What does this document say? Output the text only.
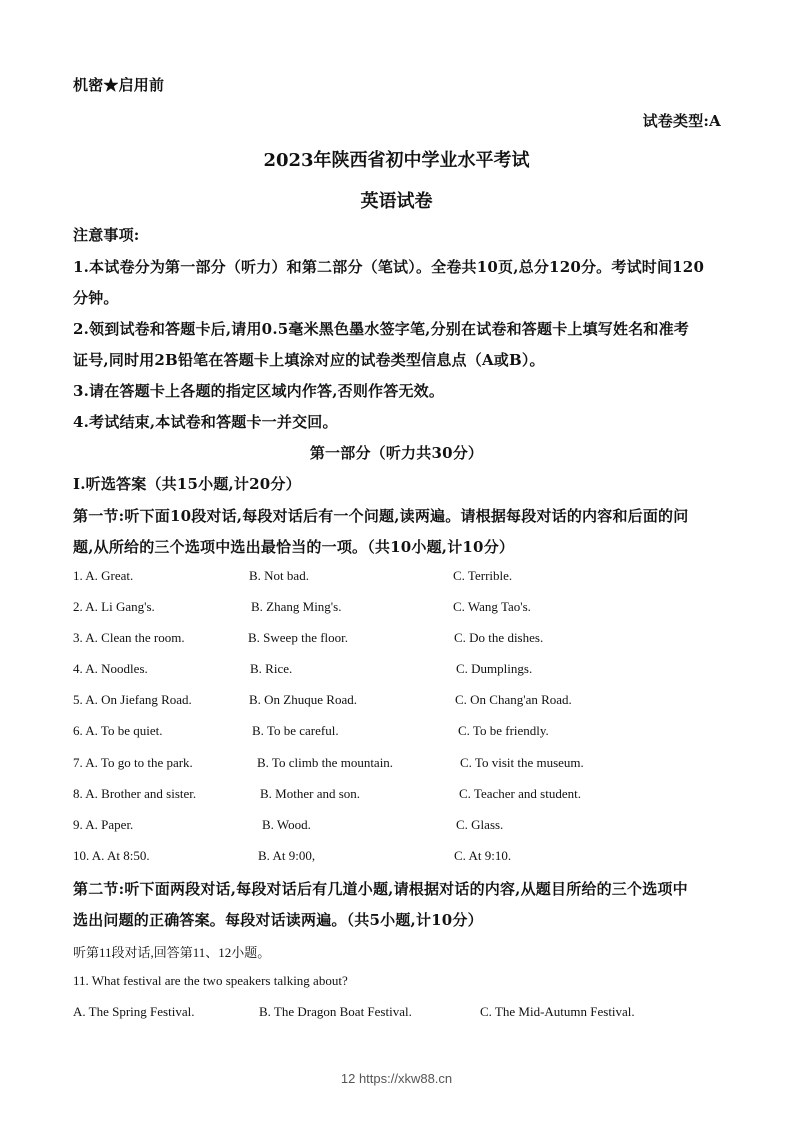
机密★启用前
试卷类型:A
2023年陕西省初中学业水平考试
英语试卷
注意事项:
1.本试卷分为第一部分（听力）和第二部分（笔试）。全卷共10页,总分120分。考试时间120
分钟。
2.领到试卷和答题卡后,请用0.5毫米黑色墨水签字笔,分别在试卷和答题卡上填写姓名和准考
证号,同时用2B铅笔在答题卡上填涂对应的试卷类型信息点（A或B）。
3.请在答题卡上各题的指定区域内作答,否则作答无效。
4.考试结束,本试卷和答题卡一并交回。
第一部分（听力共30分）
I.听选答案（共15小题,计20分）
第一节:听下面10段对话,每段对话后有一个问题,读两遍。请根据每段对话的内容和后面的问
题,从所给的三个选项中选出最恰当的一项。（共10小题,计10分）
1. A. Great.	B. Not bad.	C. Terrible.
2. A. Li Gang's.	B. Zhang Ming's.	C. Wang Tao's.
3. A. Clean the room.	B. Sweep the floor.	C. Do the dishes.
4. A. Noodles.	B. Rice.	C. Dumplings.
5. A. On Jiefang Road.	B. On Zhuque Road.	C. On Chang'an Road.
6. A. To be quiet.	B. To be careful.	C. To be friendly.
7. A. To go to the park.	B. To climb the mountain.	C. To visit the museum.
8. A. Brother and sister.	B. Mother and son.	C. Teacher and student.
9. A. Paper.	B. Wood.	C. Glass.
10. A. At 8:50.	B. At 9:00,	C. At 9:10.
第二节:听下面两段对话,每段对话后有几道小题,请根据对话的内容,从题目所给的三个选项中
选出问题的正确答案。每段对话读两遍。（共5小题,计10分）
听第11段对话,回答第11、12小题。
11. What festival are the two speakers talking about?
A. The Spring Festival.	B. The Dragon Boat Festival.	C. The Mid-Autumn Festival.
12 https://xkw88.cn
